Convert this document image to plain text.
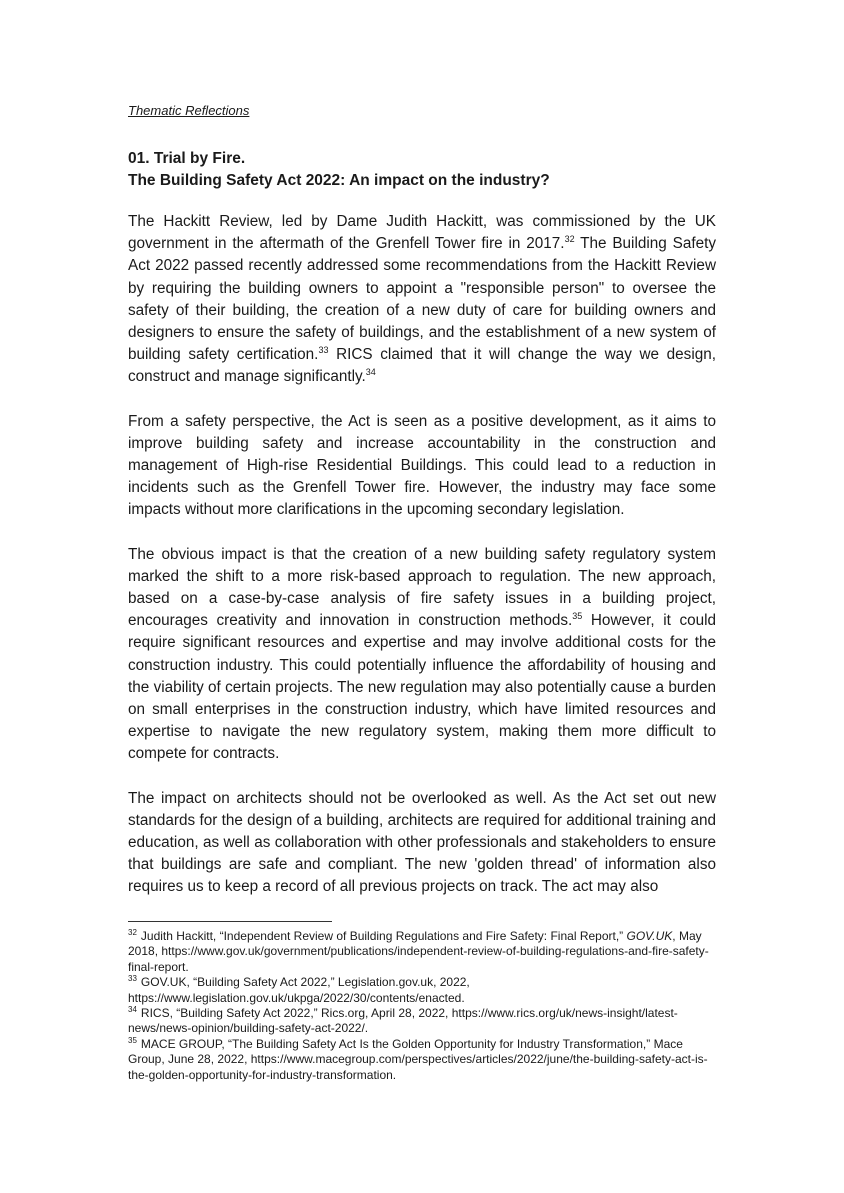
Thematic Reflections

01. Trial by Fire.
The Building Safety Act 2022: An impact on the industry?

The Hackitt Review, led by Dame Judith Hackitt, was commissioned by the UK government in the aftermath of the Grenfell Tower fire in 2017.32 The Building Safety Act 2022 passed recently addressed some recommendations from the Hackitt Review by requiring the building owners to appoint a "responsible person" to oversee the safety of their building, the creation of a new duty of care for building owners and designers to ensure the safety of buildings, and the establishment of a new system of building safety certification.$^{33}$ RICS claimed that it will change the way we design, construct and manage significantly.$^{34}$

From a safety perspective, the Act is seen as a positive development, as it aims to improve building safety and increase accountability in the construction and management of High-rise Residential Buildings. This could lead to a reduction in incidents such as the Grenfell Tower fire. However, the industry may face some impacts without more clarifications in the upcoming secondary legislation.

The obvious impact is that the creation of a new building safety regulatory system marked the shift to a more risk-based approach to regulation. The new approach, based on a case-by-case analysis of fire safety issues in a building project, encourages creativity and innovation in construction methods.$^{35}$ However, it could require significant resources and expertise and may involve additional costs for the construction industry. This could potentially influence the affordability of housing and the viability of certain projects. The new regulation may also potentially cause a burden on small enterprises in the construction industry, which have limited resources and expertise to navigate the new regulatory system, making them more difficult to compete for contracts.

The impact on architects should not be overlooked as well. As the Act set out new standards for the design of a building, architects are required for additional training and education, as well as collaboration with other professionals and stakeholders to ensure that buildings are safe and compliant. The new 'golden thread' of information also requires us to keep a record of all previous projects on track. The act may also

$^{32}$ Judith Hackitt, “Independent Review of Building Regulations and Fire Safety: Final Report,” GOV.UK, May 2018, https://www.gov.uk/government/publications/independent-review-of-building-regulations-and-fire-safety-final-report.

$^{33}$ GOV.UK, “Building Safety Act 2022,” Legislation.gov.uk, 2022, https://www.legislation.gov.uk/ukpga/2022/30/contents/enacted.

$^{34}$ RICS, “Building Safety Act 2022,” Rics.org, April 28, 2022, https://www.rics.org/uk/news-insight/latest-news/news-opinion/building-safety-act-2022/.

$^{35}$ MACE GROUP, “The Building Safety Act Is the Golden Opportunity for Industry Transformation,” Mace Group, June 28, 2022, https://www.macegroup.com/perspectives/articles/2022/june/the-building-safety-act-is-the-golden-opportunity-for-industry-transformation.
